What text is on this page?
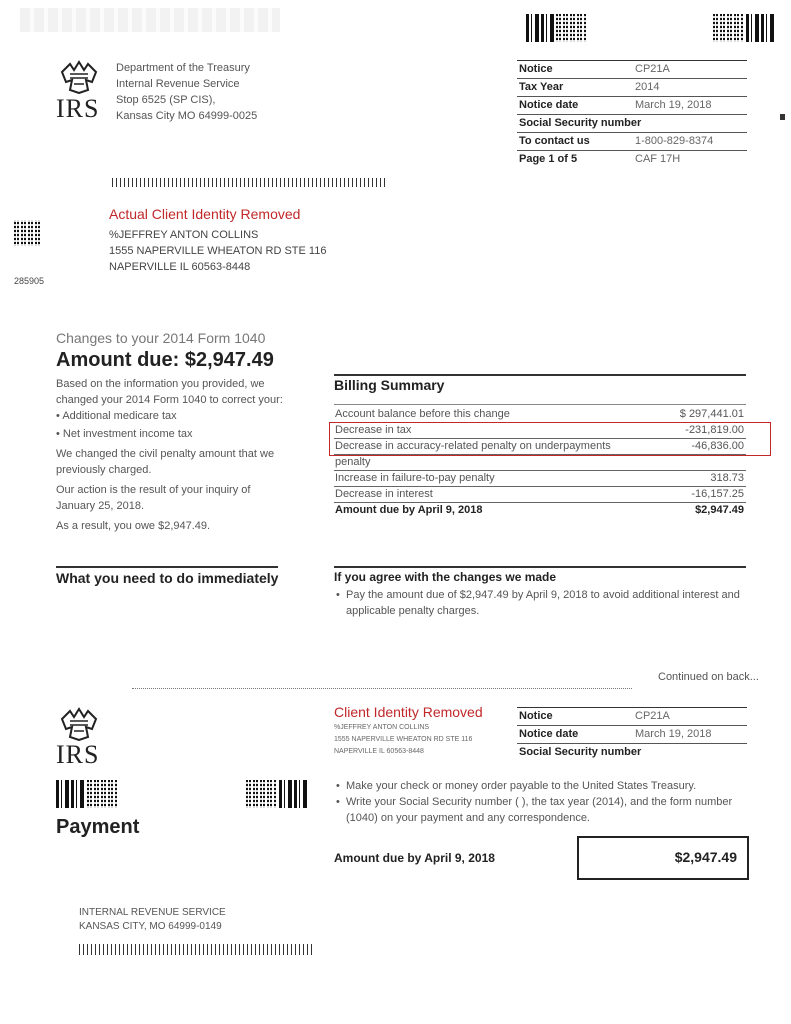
IRS
Department of the Treasury
Internal Revenue Service
Stop 6525 (SP CIS),
Kansas City MO 64999-0025
Notice	CP21A
Tax Year	2014
Notice date	March 19, 2018
Social Security number
To contact us	1-800-829-8374
Page 1 of 5	CAF 17H
285905
Actual Client Identity Removed
%JEFFREY ANTON COLLINS
1555 NAPERVILLE WHEATON RD STE 116
NAPERVILLE IL 60563-8448
Changes to your 2014 Form 1040
Amount due: $2,947.49
Based on the information you provided, we changed your 2014 Form 1040 to correct your:
• Additional medicare tax
• Net investment income tax
We changed the civil penalty amount that we previously charged.
Our action is the result of your inquiry of January 25, 2018.
As a result, you owe $2,947.49.
Billing Summary
Account balance before this change	$ 297,441.01
Decrease in tax	-231,819.00
Decrease in accuracy-related penalty on underpayments	-46,836.00
penalty
Increase in failure-to-pay penalty	318.73
Decrease in interest	-16,157.25
Amount due by April 9, 2018	$2,947.49
What you need to do immediately	If you agree with the changes we made
• Pay the amount due of $2,947.49 by April 9, 2018 to avoid additional interest and applicable penalty charges.
Continued on back...
IRS
Payment
Client Identity Removed
%JEFFREY ANTON COLLINS
1555 NAPERVILLE WHEATON RD STE 116
NAPERVILLE IL 60563-8448
Notice	CP21A
Notice date	March 19, 2018
Social Security number
• Make your check or money order payable to the United States Treasury.
• Write your Social Security number ( ), the tax year (2014), and the form number (1040) on your payment and any correspondence.
Amount due by April 9, 2018	$2,947.49
INTERNAL REVENUE SERVICE
KANSAS CITY, MO 64999-0149
